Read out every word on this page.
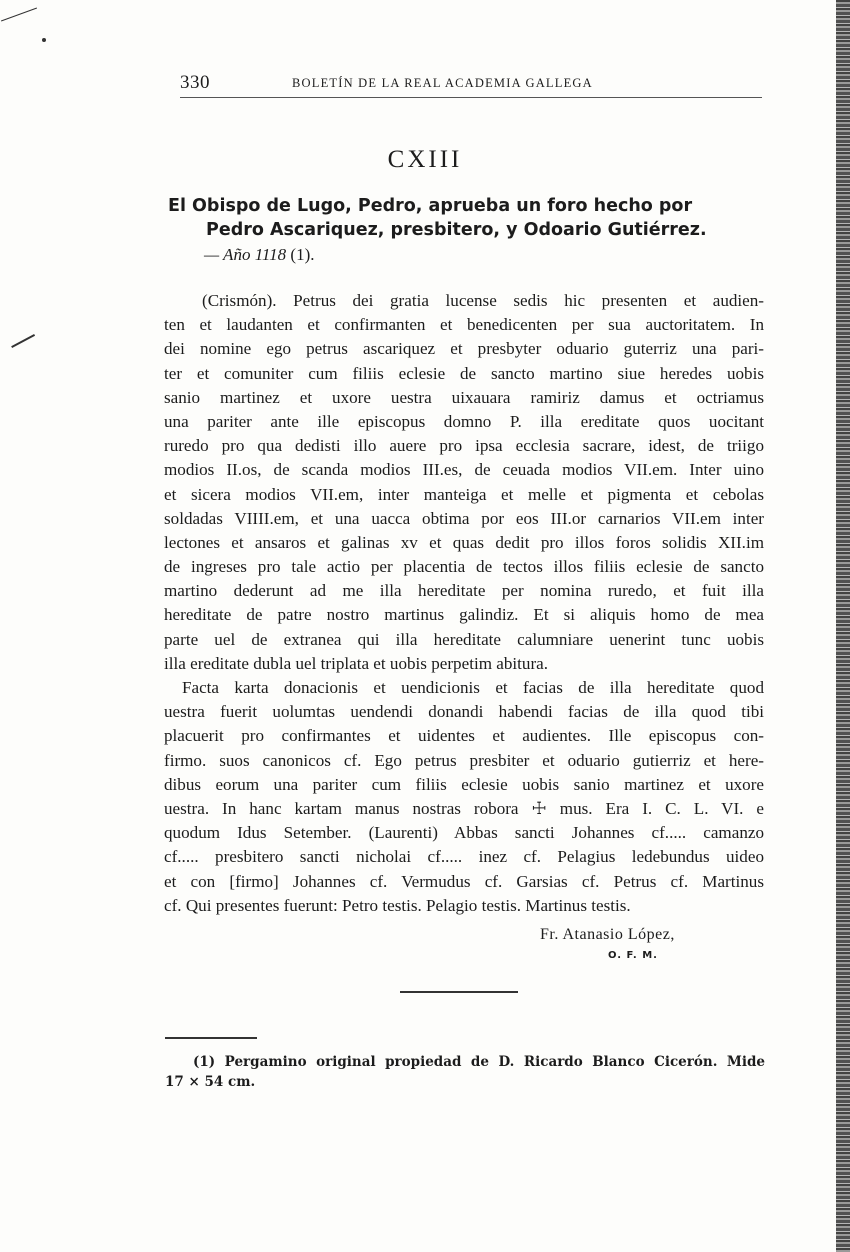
330	BOLETÍN DE LA REAL ACADEMIA GALLEGA
CXIII
El Obispo de Lugo, Pedro, aprueba un foro hecho por
Pedro Ascariquez, presbitero, y Odoario Gutiérrez.
— Año 1118 (1).
(Crismón). Petrus dei gratia lucense sedis hic presenten et audien-
ten et laudanten et confirmanten et benedicenten per sua auctoritatem. In
dei nomine ego petrus ascariquez et presbyter oduario guterriz una pari-
ter et comuniter cum filiis eclesie de sancto martino siue heredes uobis
sanio martinez et uxore uestra uixauara ramiriz damus et octriamus
una pariter ante ille episcopus domno P. illa ereditate quos uocitant
ruredo pro qua dedisti illo auere pro ipsa ecclesia sacrare, idest, de triigo
modios II.os, de scanda modios III.es, de ceuada modios VII.em. Inter uino
et sicera modios VII.em, inter manteiga et melle et pigmenta et cebolas
soldadas VIIII.em, et una uacca obtima por eos III.or carnarios VII.em inter
lectones et ansaros et galinas xv et quas dedit pro illos foros solidis XII.im
de ingreses pro tale actio per placentia de tectos illos filiis eclesie de sancto
martino dederunt ad me illa hereditate per nomina ruredo, et fuit illa
hereditate de patre nostro martinus galindiz. Et si aliquis homo de mea
parte uel de extranea qui illa hereditate calumniare uenerint tunc uobis
illa ereditate dubla uel triplata et uobis perpetim abitura.
Facta karta donacionis et uendicionis et facias de illa hereditate quod
uestra fuerit uolumtas uendendi donandi habendi facias de illa quod tibi
placuerit pro confirmantes et uidentes et audientes. Ille episcopus con-
firmo. suos canonicos cf. Ego petrus presbiter et oduario gutierriz et here-
dibus eorum una pariter cum filiis eclesie uobis sanio martinez et uxore
uestra. In hanc kartam manus nostras robora ☩ mus. Era I. C. L. VI. e
quodum Idus Setember. (Laurenti) Abbas sancti Johannes cf..... camanzo
cf..... presbitero sancti nicholai cf..... inez cf. Pelagius ledebundus uideo
et con [firmo] Johannes cf. Vermudus cf. Garsias cf. Petrus cf. Martinus
cf. Qui presentes fuerunt: Petro testis. Pelagio testis. Martinus testis.
Fr. Atanasio López,
O. F. M.
(1) Pergamino original propiedad de D. Ricardo Blanco Cicerón. Mide
17 × 54 cm.
